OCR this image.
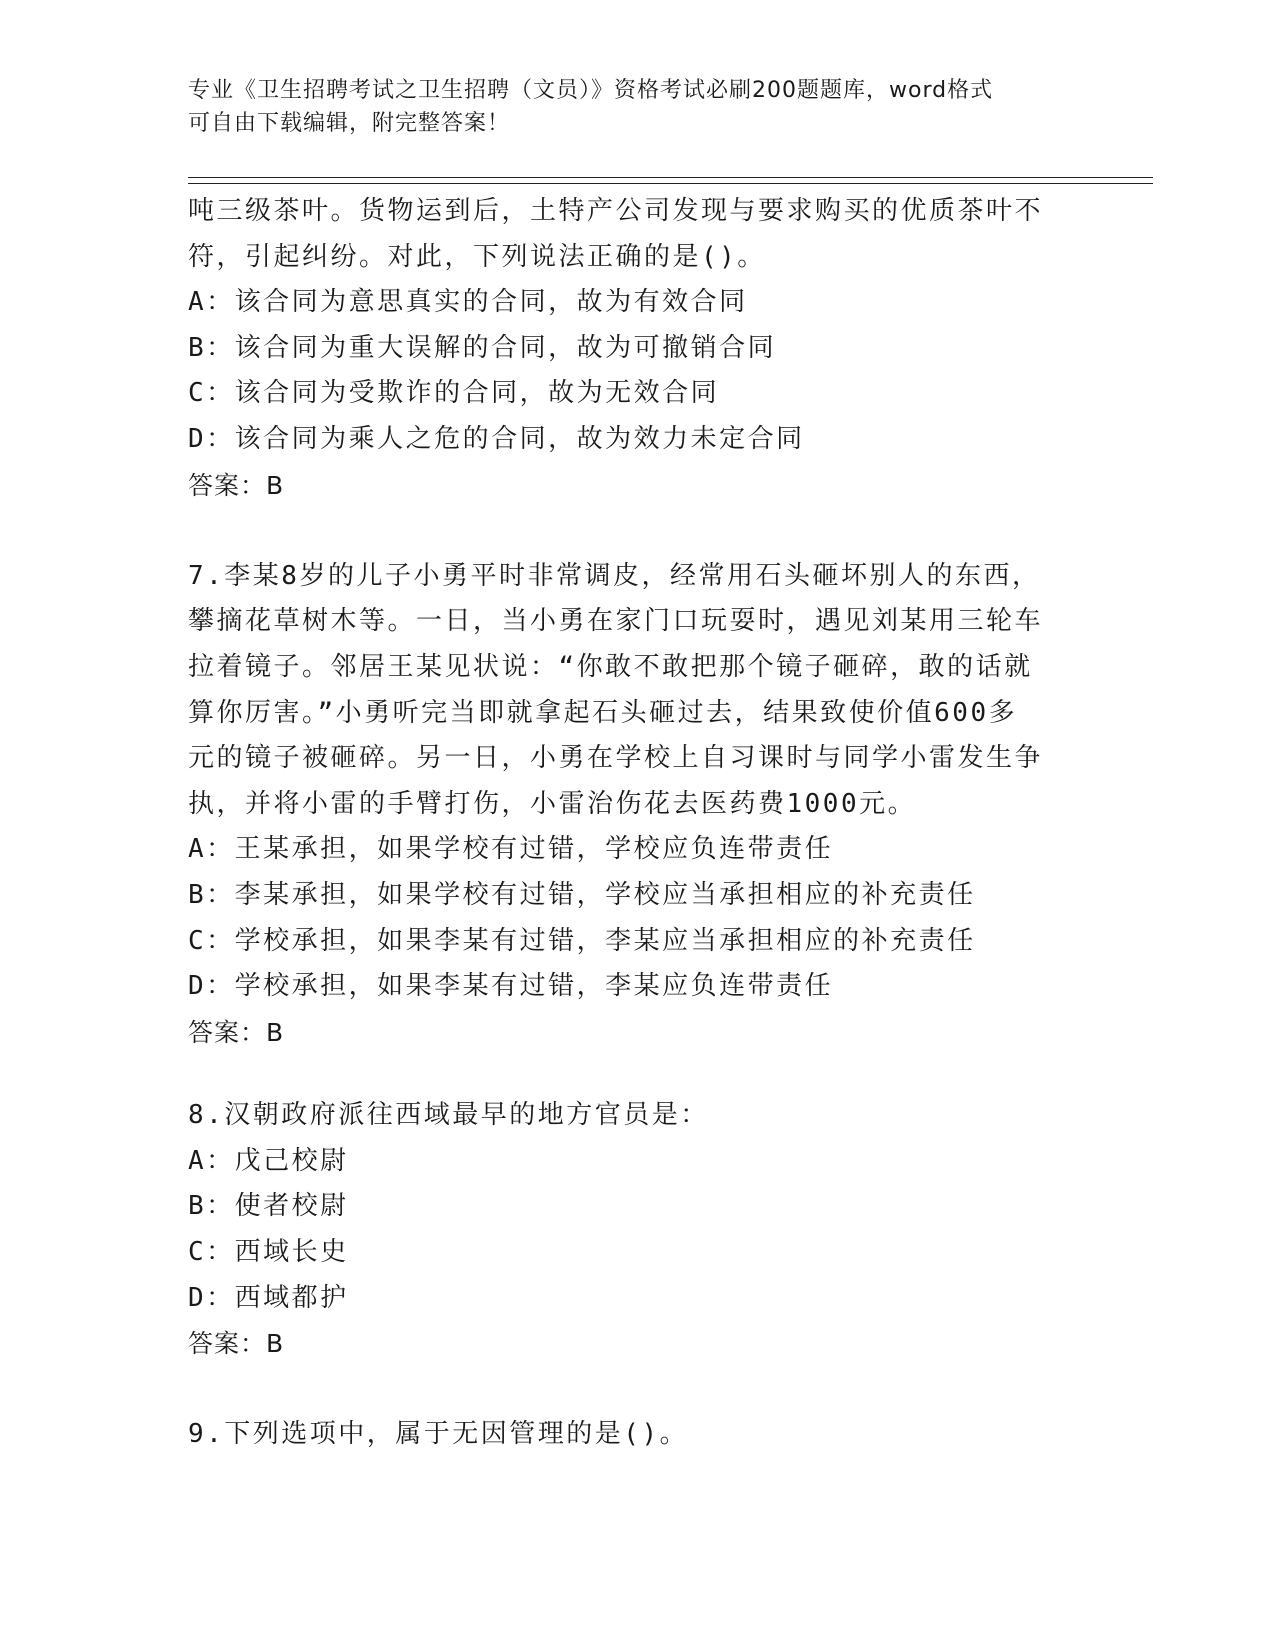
专业《卫生招聘考试之卫生招聘（文员）》资格考试必刷200题题库，word格式
可自由下载编辑，附完整答案！
吨三级茶叶。货物运到后，土特产公司发现与要求购买的优质茶叶不
符，引起纠纷。对此，下列说法正确的是()。
A：该合同为意思真实的合同，故为有效合同
B：该合同为重大误解的合同，故为可撤销合同
C：该合同为受欺诈的合同，故为无效合同
D：该合同为乘人之危的合同，故为效力未定合同
答案：B
7.李某8岁的儿子小勇平时非常调皮，经常用石头砸坏别人的东西，
攀摘花草树木等。一日，当小勇在家门口玩耍时，遇见刘某用三轮车
拉着镜子。邻居王某见状说：“你敢不敢把那个镜子砸碎，敢的话就
算你厉害。”小勇听完当即就拿起石头砸过去，结果致使价值600多
元的镜子被砸碎。另一日，小勇在学校上自习课时与同学小雷发生争
执，并将小雷的手臂打伤，小雷治伤花去医药费1000元。
A：王某承担，如果学校有过错，学校应负连带责任
B：李某承担，如果学校有过错，学校应当承担相应的补充责任
C：学校承担，如果李某有过错，李某应当承担相应的补充责任
D：学校承担，如果李某有过错，李某应负连带责任
答案：B
8.汉朝政府派往西域最早的地方官员是：
A：戊己校尉
B：使者校尉
C：西域长史
D：西域都护
答案：B
9.下列选项中，属于无因管理的是()。
